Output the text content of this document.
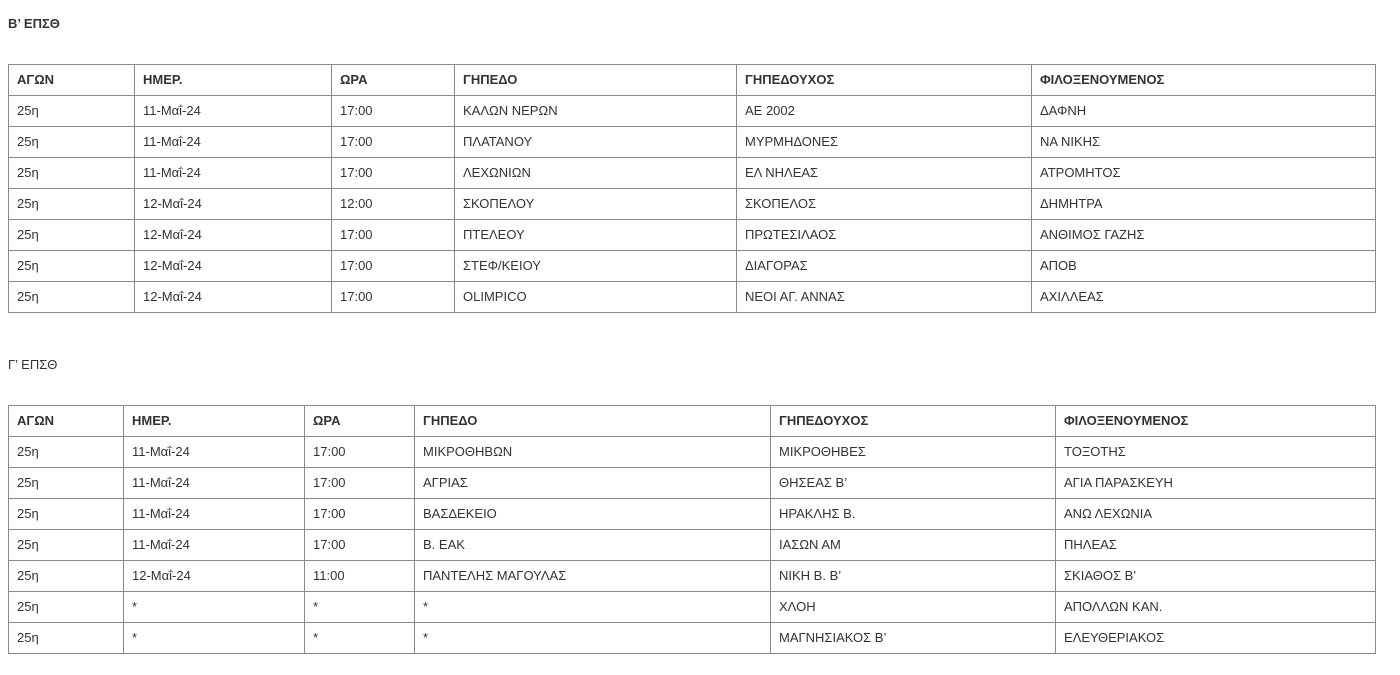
Β’ ΕΠΣΘ
ΑΓΩΝ	ΗΜΕΡ.	ΩΡΑ	ΓΗΠΕΔΟ	ΓΗΠΕΔΟΥΧΟΣ	ΦΙΛΟΞΕΝΟΥΜΕΝΟΣ
25η	11-Μαΐ-24	17:00	ΚΑΛΩΝ ΝΕΡΩΝ	ΑΕ 2002	ΔΑΦΝΗ
25η	11-Μαΐ-24	17:00	ΠΛΑΤΑΝΟΥ	ΜΥΡΜΗΔΟΝΕΣ	ΝΑ ΝΙΚΗΣ
25η	11-Μαΐ-24	17:00	ΛΕΧΩΝΙΩΝ	ΕΛ ΝΗΛΕΑΣ	ΑΤΡΟΜΗΤΟΣ
25η	12-Μαΐ-24	12:00	ΣΚΟΠΕΛΟΥ	ΣΚΟΠΕΛΟΣ	ΔΗΜΗΤΡΑ
25η	12-Μαΐ-24	17:00	ΠΤΕΛΕΟΥ	ΠΡΩΤΕΣΙΛΑΟΣ	ΑΝΘΙΜΟΣ ΓΑΖΗΣ
25η	12-Μαΐ-24	17:00	ΣΤΕΦ/ΚΕΙΟΥ	ΔΙΑΓΟΡΑΣ	ΑΠΟΒ
25η	12-Μαΐ-24	17:00	OLIMPICO	ΝΕΟΙ ΑΓ. ΑΝΝΑΣ	ΑΧΙΛΛΕΑΣ
Γ’ ΕΠΣΘ
ΑΓΩΝ	ΗΜΕΡ.	ΩΡΑ	ΓΗΠΕΔΟ	ΓΗΠΕΔΟΥΧΟΣ	ΦΙΛΟΞΕΝΟΥΜΕΝΟΣ
25η	11-Μαΐ-24	17:00	ΜΙΚΡΟΘΗΒΩΝ	ΜΙΚΡΟΘΗΒΕΣ	ΤΟΞΟΤΗΣ
25η	11-Μαΐ-24	17:00	ΑΓΡΙΑΣ	ΘΗΣΕΑΣ Β’	ΑΓΙΑ ΠΑΡΑΣΚΕΥΗ
25η	11-Μαΐ-24	17:00	ΒΑΣΔΕΚΕΙΟ	ΗΡΑΚΛΗΣ Β.	ΑΝΩ ΛΕΧΩΝΙΑ
25η	11-Μαΐ-24	17:00	Β. ΕΑΚ	ΙΑΣΩΝ ΑΜ	ΠΗΛΕΑΣ
25η	12-Μαΐ-24	11:00	ΠΑΝΤΕΛΗΣ ΜΑΓΟΥΛΑΣ	ΝΙΚΗ Β. Β’	ΣΚΙΑΘΟΣ Β’
25η	*	*	*	ΧΛΟΗ	ΑΠΟΛΛΩΝ ΚΑΝ.
25η	*	*	*	ΜΑΓΝΗΣΙΑΚΟΣ Β’	ΕΛΕΥΘΕΡΙΑΚΟΣ
